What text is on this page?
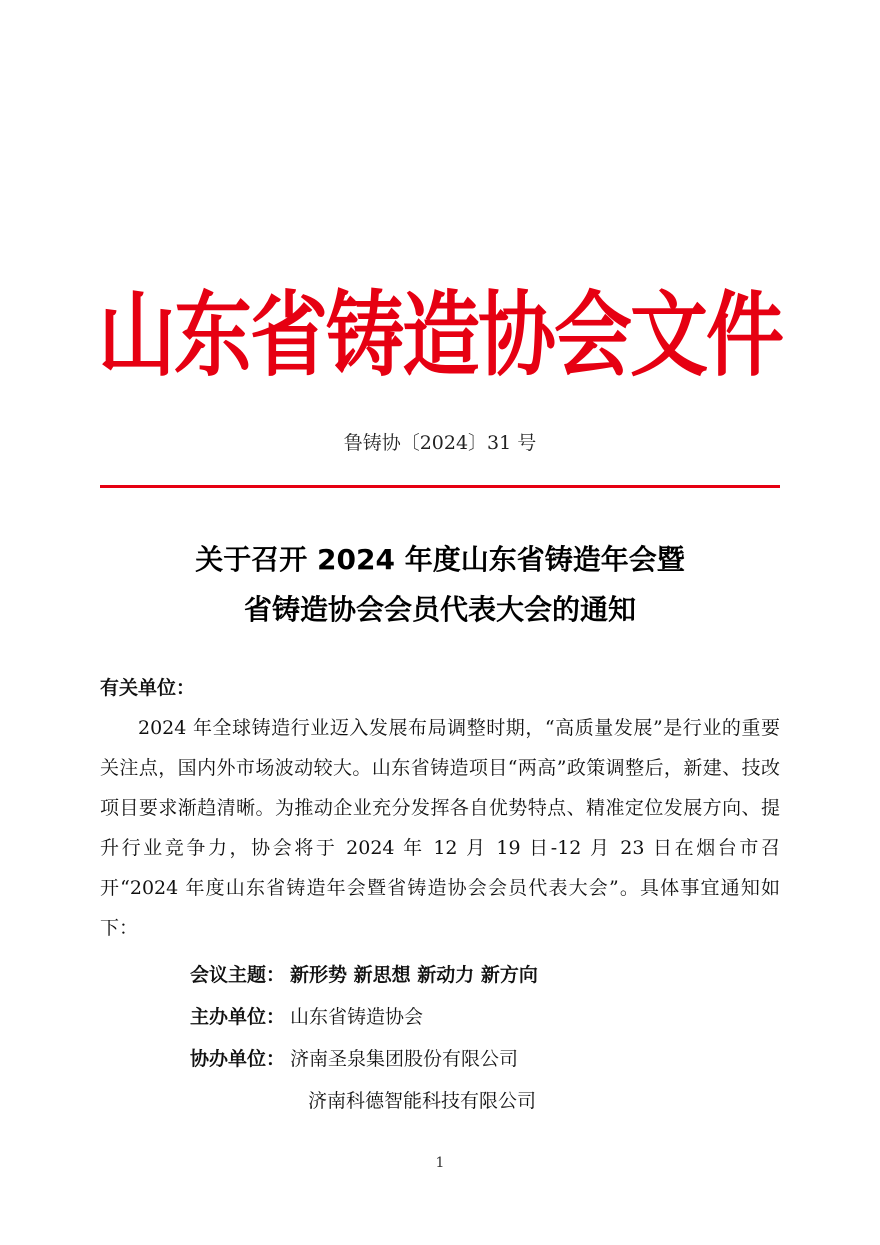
山东省铸造协会文件
鲁铸协〔2024〕31 号
关于召开 2024 年度山东省铸造年会暨
省铸造协会会员代表大会的通知
有关单位：

2024 年全球铸造行业迈入发展布局调整时期，“高质量发展”是行业的重要关注点，国内外市场波动较大。山东省铸造项目“两高”政策调整后，新建、技改项目要求渐趋清晰。为推动企业充分发挥各自优势特点、精准定位发展方向、提升行业竞争力，协会将于 2024 年 12 月 19 日-12 月 23 日在烟台市召开“2024 年度山东省铸造年会暨省铸造协会会员代表大会”。具体事宜通知如下：

会议主题： 新形势 新思想 新动力 新方向
主办单位： 山东省铸造协会
协办单位： 济南圣泉集团股份有限公司
济南科德智能科技有限公司
1
